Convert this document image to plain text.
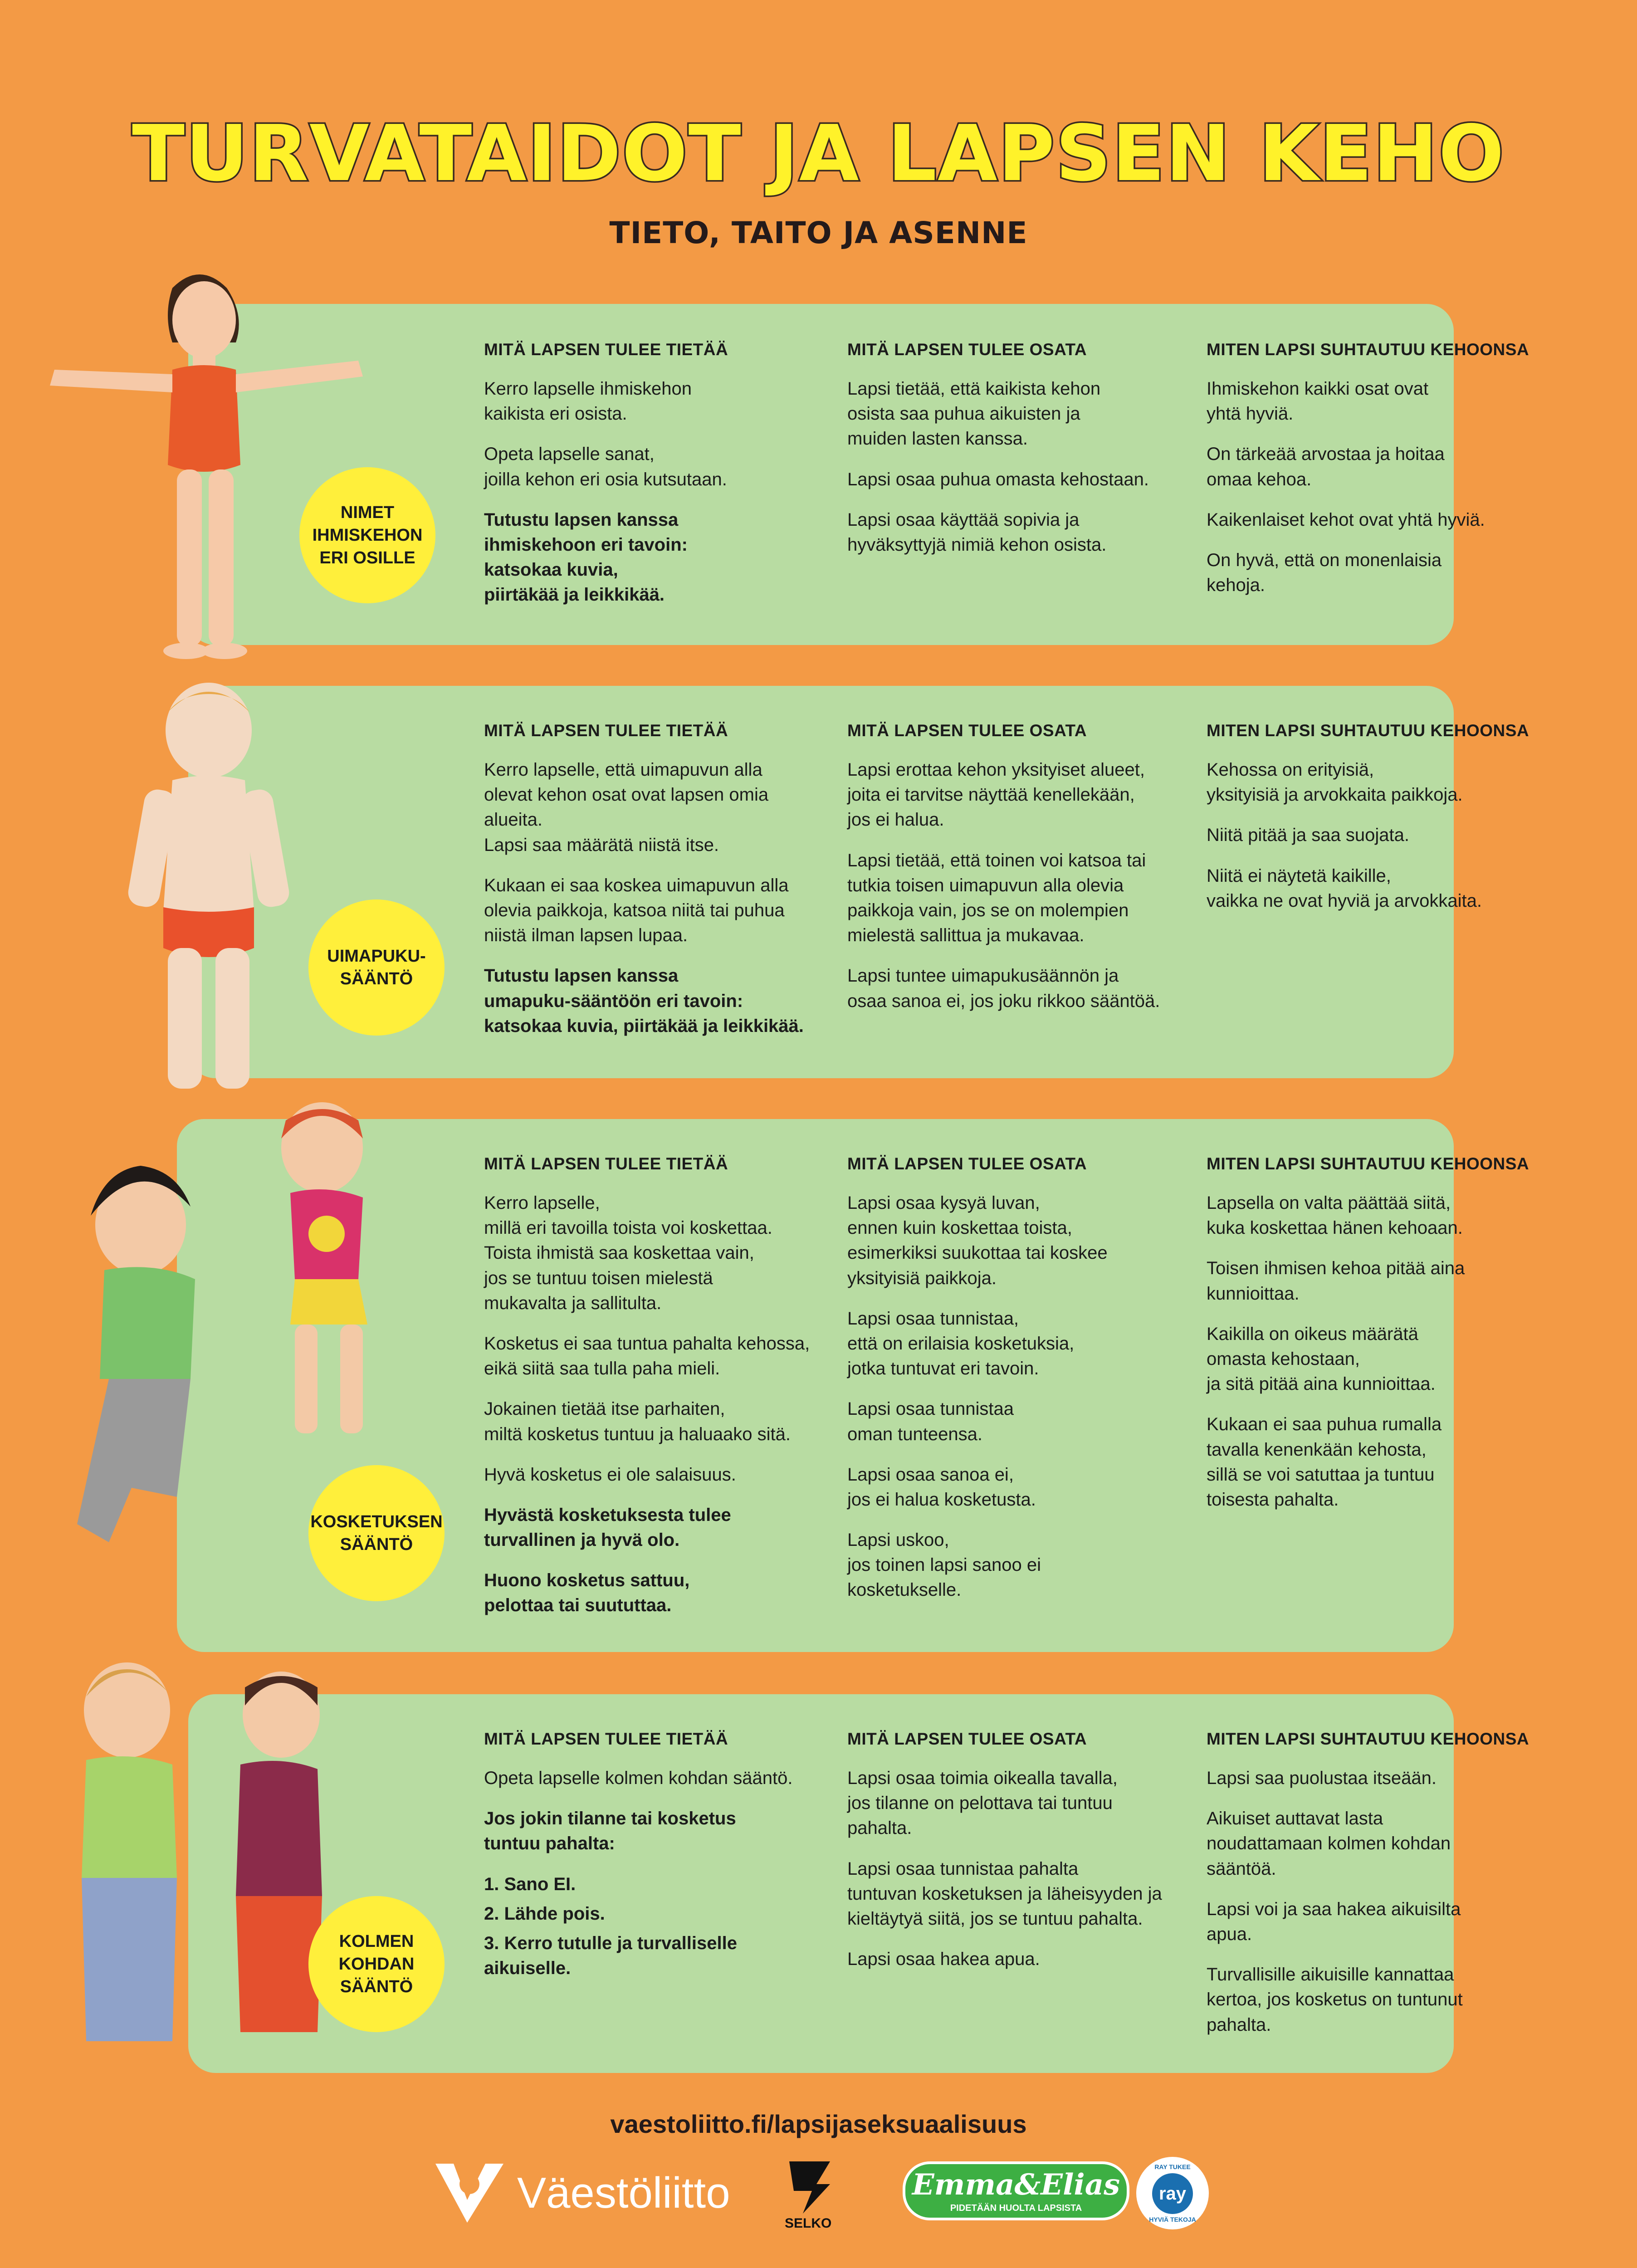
TURVATAIDOT JA LAPSEN KEHO
TIETO, TAITO JA ASENNE
NIMET
IHMISKEHON
ERI OSILLE
MITÄ LAPSEN TULEE TIETÄÄ
Kerro lapselle ihmiskehon
kaikista eri osista.
Opeta lapselle sanat,
joilla kehon eri osia kutsutaan.
Tutustu lapsen kanssa
ihmiskehoon eri tavoin:
katsokaa kuvia,
piirtäkää ja leikkikää.
MITÄ LAPSEN TULEE OSATA
Lapsi tietää, että kaikista kehon
osista saa puhua aikuisten ja
muiden lasten kanssa.
Lapsi osaa puhua omasta kehostaan.
Lapsi osaa käyttää sopivia ja
hyväksyttyjä nimiä kehon osista.
MITEN LAPSI SUHTAUTUU KEHOONSA
Ihmiskehon kaikki osat ovat
yhtä hyviä.
On tärkeää arvostaa ja hoitaa
omaa kehoa.
Kaikenlaiset kehot ovat yhtä hyviä.
On hyvä, että on monenlaisia
kehoja.
UIMAPUKU-
SÄÄNTÖ
MITÄ LAPSEN TULEE TIETÄÄ
Kerro lapselle, että uimapuvun alla
olevat kehon osat ovat lapsen omia
alueita.
Lapsi saa määrätä niistä itse.
Kukaan ei saa koskea uimapuvun alla
olevia paikkoja, katsoa niitä tai puhua
niistä ilman lapsen lupaa.
Tutustu lapsen kanssa
umapuku-sääntöön eri tavoin:
katsokaa kuvia, piirtäkää ja leikkikää.
MITÄ LAPSEN TULEE OSATA
Lapsi erottaa kehon yksityiset alueet,
joita ei tarvitse näyttää kenellekään,
jos ei halua.
Lapsi tietää, että toinen voi katsoa tai
tutkia toisen uimapuvun alla olevia
paikkoja vain, jos se on molempien
mielestä sallittua ja mukavaa.
Lapsi tuntee uimapukusäännön ja
osaa sanoa ei, jos joku rikkoo sääntöä.
MITEN LAPSI SUHTAUTUU KEHOONSA
Kehossa on erityisiä,
yksityisiä ja arvokkaita paikkoja.
Niitä pitää ja saa suojata.
Niitä ei näytetä kaikille,
vaikka ne ovat hyviä ja arvokkaita.
KOSKETUKSEN
SÄÄNTÖ
MITÄ LAPSEN TULEE TIETÄÄ
Kerro lapselle,
millä eri tavoilla toista voi koskettaa.
Toista ihmistä saa koskettaa vain,
jos se tuntuu toisen mielestä
mukavalta ja sallitulta.
Kosketus ei saa tuntua pahalta kehossa,
eikä siitä saa tulla paha mieli.
Jokainen tietää itse parhaiten,
miltä kosketus tuntuu ja haluaako sitä.
Hyvä kosketus ei ole salaisuus.
Hyvästä kosketuksesta tulee
turvallinen ja hyvä olo.
Huono kosketus sattuu,
pelottaa tai suututtaa.
MITÄ LAPSEN TULEE OSATA
Lapsi osaa kysyä luvan,
ennen kuin koskettaa toista,
esimerkiksi suukottaa tai koskee
yksityisiä paikkoja.
Lapsi osaa tunnistaa,
että on erilaisia kosketuksia,
jotka tuntuvat eri tavoin.
Lapsi osaa tunnistaa
oman tunteensa.
Lapsi osaa sanoa ei,
jos ei halua kosketusta.
Lapsi uskoo,
jos toinen lapsi sanoo ei
kosketukselle.
MITEN LAPSI SUHTAUTUU KEHOONSA
Lapsella on valta päättää siitä,
kuka koskettaa hänen kehoaan.
Toisen ihmisen kehoa pitää aina
kunnioittaa.
Kaikilla on oikeus määrätä
omasta kehostaan,
ja sitä pitää aina kunnioittaa.
Kukaan ei saa puhua rumalla
tavalla kenenkään kehosta,
sillä se voi satuttaa ja tuntuu
toisesta pahalta.
KOLMEN
KOHDAN
SÄÄNTÖ
MITÄ LAPSEN TULEE TIETÄÄ
Opeta lapselle kolmen kohdan sääntö.
Jos jokin tilanne tai kosketus
tuntuu pahalta:
1. Sano EI.
2. Lähde pois.
3. Kerro tutulle ja turvalliselle
aikuiselle.
MITÄ LAPSEN TULEE OSATA
Lapsi osaa toimia oikealla tavalla,
jos tilanne on pelottava tai tuntuu
pahalta.
Lapsi osaa tunnistaa pahalta
tuntuvan kosketuksen ja läheisyyden ja
kieltäytyä siitä, jos se tuntuu pahalta.
Lapsi osaa hakea apua.
MITEN LAPSI SUHTAUTUU KEHOONSA
Lapsi saa puolustaa itseään.
Aikuiset auttavat lasta
noudattamaan kolmen kohdan
sääntöä.
Lapsi voi ja saa hakea aikuisilta
apua.
Turvallisille aikuisille kannattaa
kertoa, jos kosketus on tuntunut
pahalta.
vaestoliitto.fi/lapsijaseksuaalisuus
Väestöliitto
SELKO
Emma&Elias
PIDETÄÄN HUOLTA LAPSISTA
RAY TUKEE
ray
HYVIÄ TEKOJA
